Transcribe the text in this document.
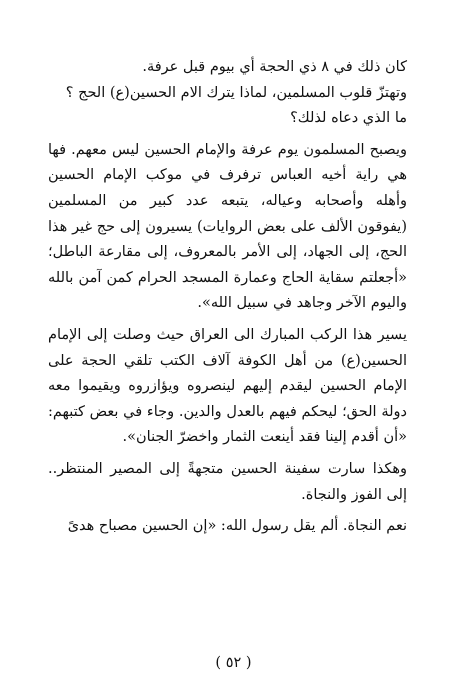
كان ذلك في ٨ ذي الحجة أي بيوم قبل عرفة.
وتهتزّ قلوب المسلمين، لماذا يترك الام الحسين(ع) الحج ؟
ما الذي دعاه لذلك؟

ويصبح المسلمون يوم عرفة والإمام الحسين ليس معهم. فها هي راية أخيه العباس ترفرف في موكب الإمام الحسين وأهله وأصحابه وعياله، يتبعه عدد كبير من المسلمين (يفوقون الألف على بعض الروايات) يسيرون إلى حج غير هذا الحج، إلى الجهاد، إلى الأمر بالمعروف، إلى مقارعة الباطل؛ «أجعلتم سقاية الحاج وعمارة المسجد الحرام كمن آمن بالله واليوم الآخر وجاهد في سبيل الله».

يسير هذا الركب المبارك الى العراق حيث وصلت إلى الإمام الحسين(ع) من أهل الكوفة آلاف الكتب تلقي الحجة على الإمام الحسين ليقدم إليهم لينصروه ويؤازروه ويقيموا معه دولة الحق؛ ليحكم فيهم بالعدل والدين. وجاء في بعض كتبهم: «أن أقدم إلينا فقد أينعت الثمار واخضرّ الجنان».

وهكذا سارت سفينة الحسين متجهةً إلى المصير المنتظر.. إلى الفوز والنجاة.

نعم النجاة. ألم يقل رسول الله: «إن الحسين مصباح هدىً

( ٥٢ )
